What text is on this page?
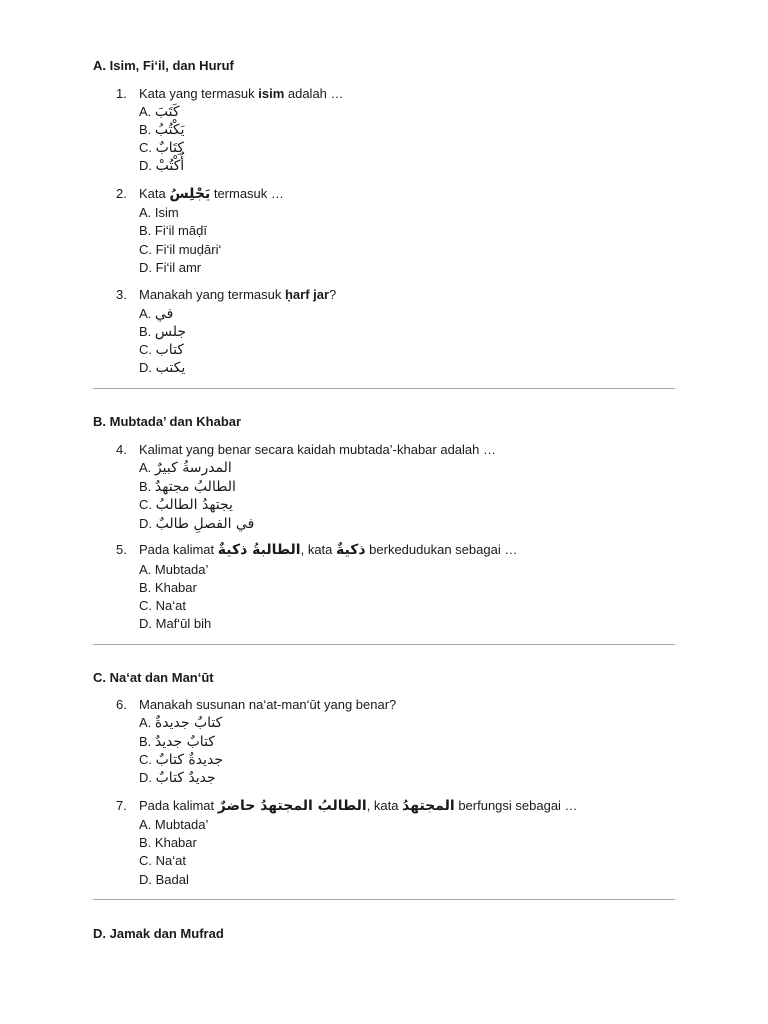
A. Isim, Fi‘il, dan Huruf
1. Kata yang termasuk isim adalah …
A. كَتَبَ
B. يَكْتُبُ
C. كِتَابٌ
D. أُكْتُبْ
2. Kata يَجْلِسُ termasuk …
A. Isim
B. Fi‘il māḍī
C. Fi‘il muḍāri‘
D. Fi‘il amr
3. Manakah yang termasuk ḥarf jar?
A. في
B. جلس
C. كتاب
D. يكتب
B. Mubtada’ dan Khabar
4. Kalimat yang benar secara kaidah mubtada’-khabar adalah …
A. المدرسةُ كبيرٌ
B. الطالبُ مجتهدٌ
C. يجتهدُ الطالبُ
D. في الفصلِ طالبٌ
5. Pada kalimat الطالبةُ ذكيةٌ, kata ذكيةٌ berkedudukan sebagai …
A. Mubtada’
B. Khabar
C. Na‘at
D. Maf‘ūl bih
C. Na‘at dan Man‘ūt
6. Manakah susunan na‘at-man‘ūt yang benar?
A. كتابٌ جديدةٌ
B. كتابٌ جديدٌ
C. جديدةٌ كتابٌ
D. جديدٌ كتابٌ
7. Pada kalimat الطالبُ المجتهدُ حاضرٌ, kata المجتهدُ berfungsi sebagai …
A. Mubtada’
B. Khabar
C. Na‘at
D. Badal
D. Jamak dan Mufrad
